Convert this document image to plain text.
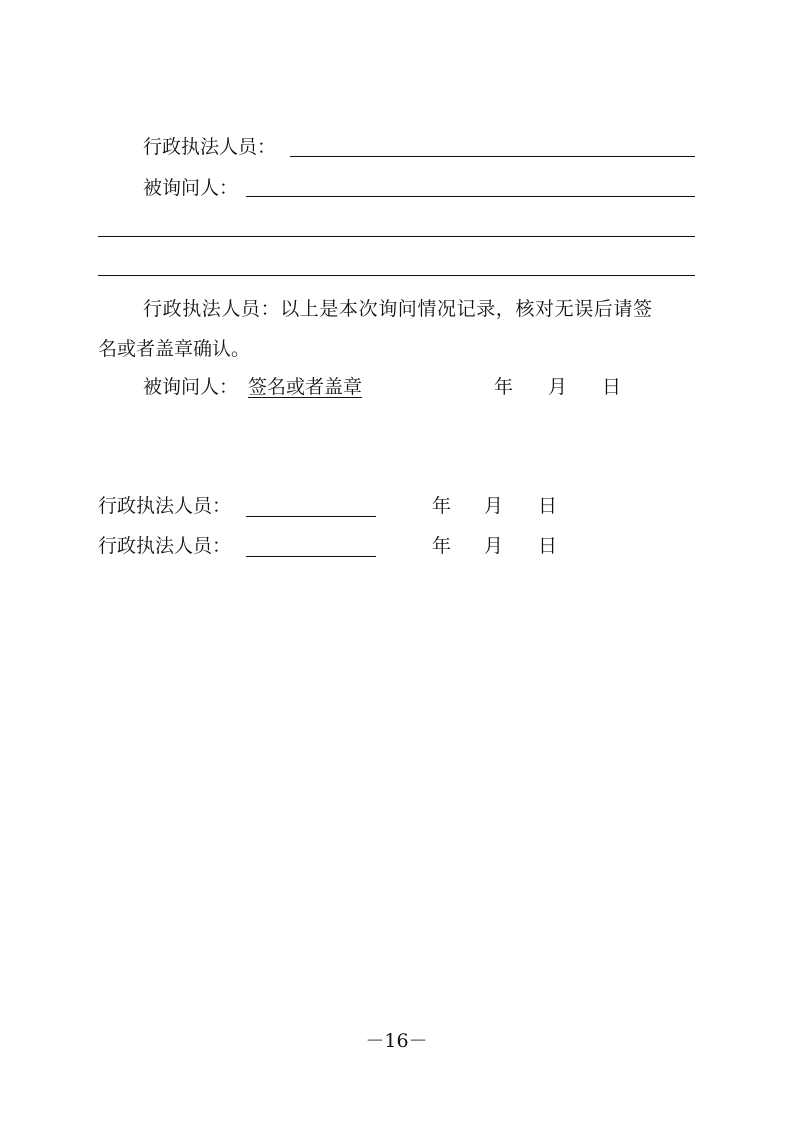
行政执法人员：
被询问人：
行政执法人员：以上是本次询问情况记录，核对无误后请签
名或者盖章确认。
被询问人： 签名或者盖章	年 月 日
行政执法人员：	年 月 日
行政执法人员：	年 月 日
－16－
